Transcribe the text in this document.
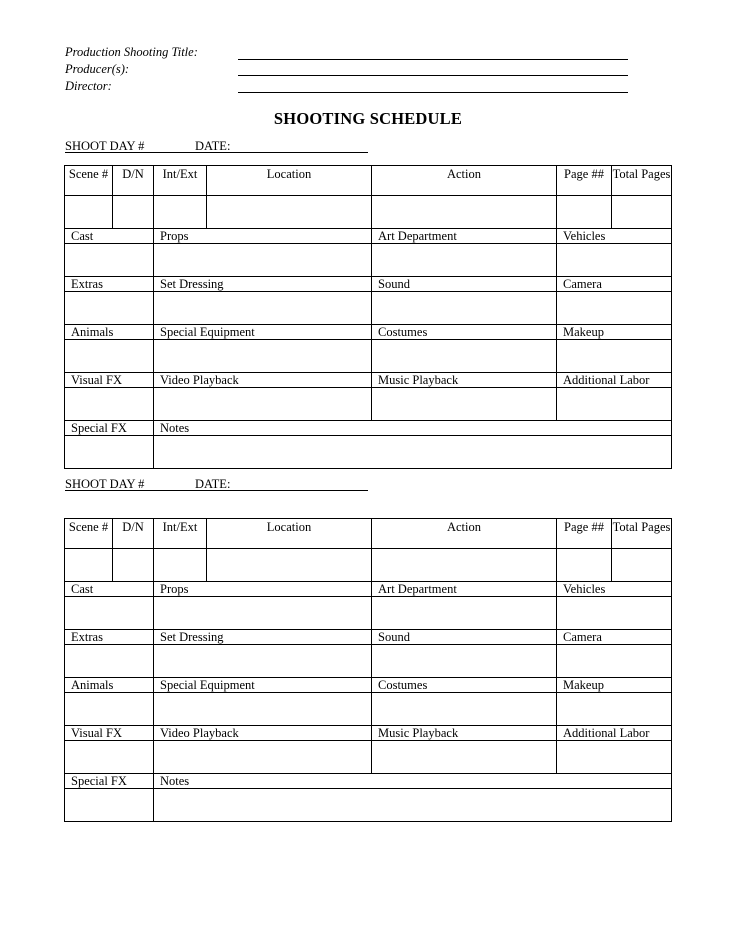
Production Shooting Title:
Producer(s):
Director:
SHOOTING SCHEDULE
SHOOT DAY #	DATE:
Scene #	D/N	Int/Ext	Location	Action	Page ##	Total Pages

Cast		Props		Art Department	Vehicles	

Extras		Set Dressing		Sound	Camera	

Animals		Special Equipment		Costumes	Makeup	

Visual FX		Video Playback		Music Playback	Additional Labor	

Special FX		Notes				

SHOOT DAY #	DATE:
Scene #	D/N	Int/Ext	Location	Action	Page ##	Total Pages

Cast		Props		Art Department	Vehicles	

Extras		Set Dressing		Sound	Camera	

Animals		Special Equipment		Costumes	Makeup	

Visual FX		Video Playback		Music Playback	Additional Labor	

Special FX		Notes				
